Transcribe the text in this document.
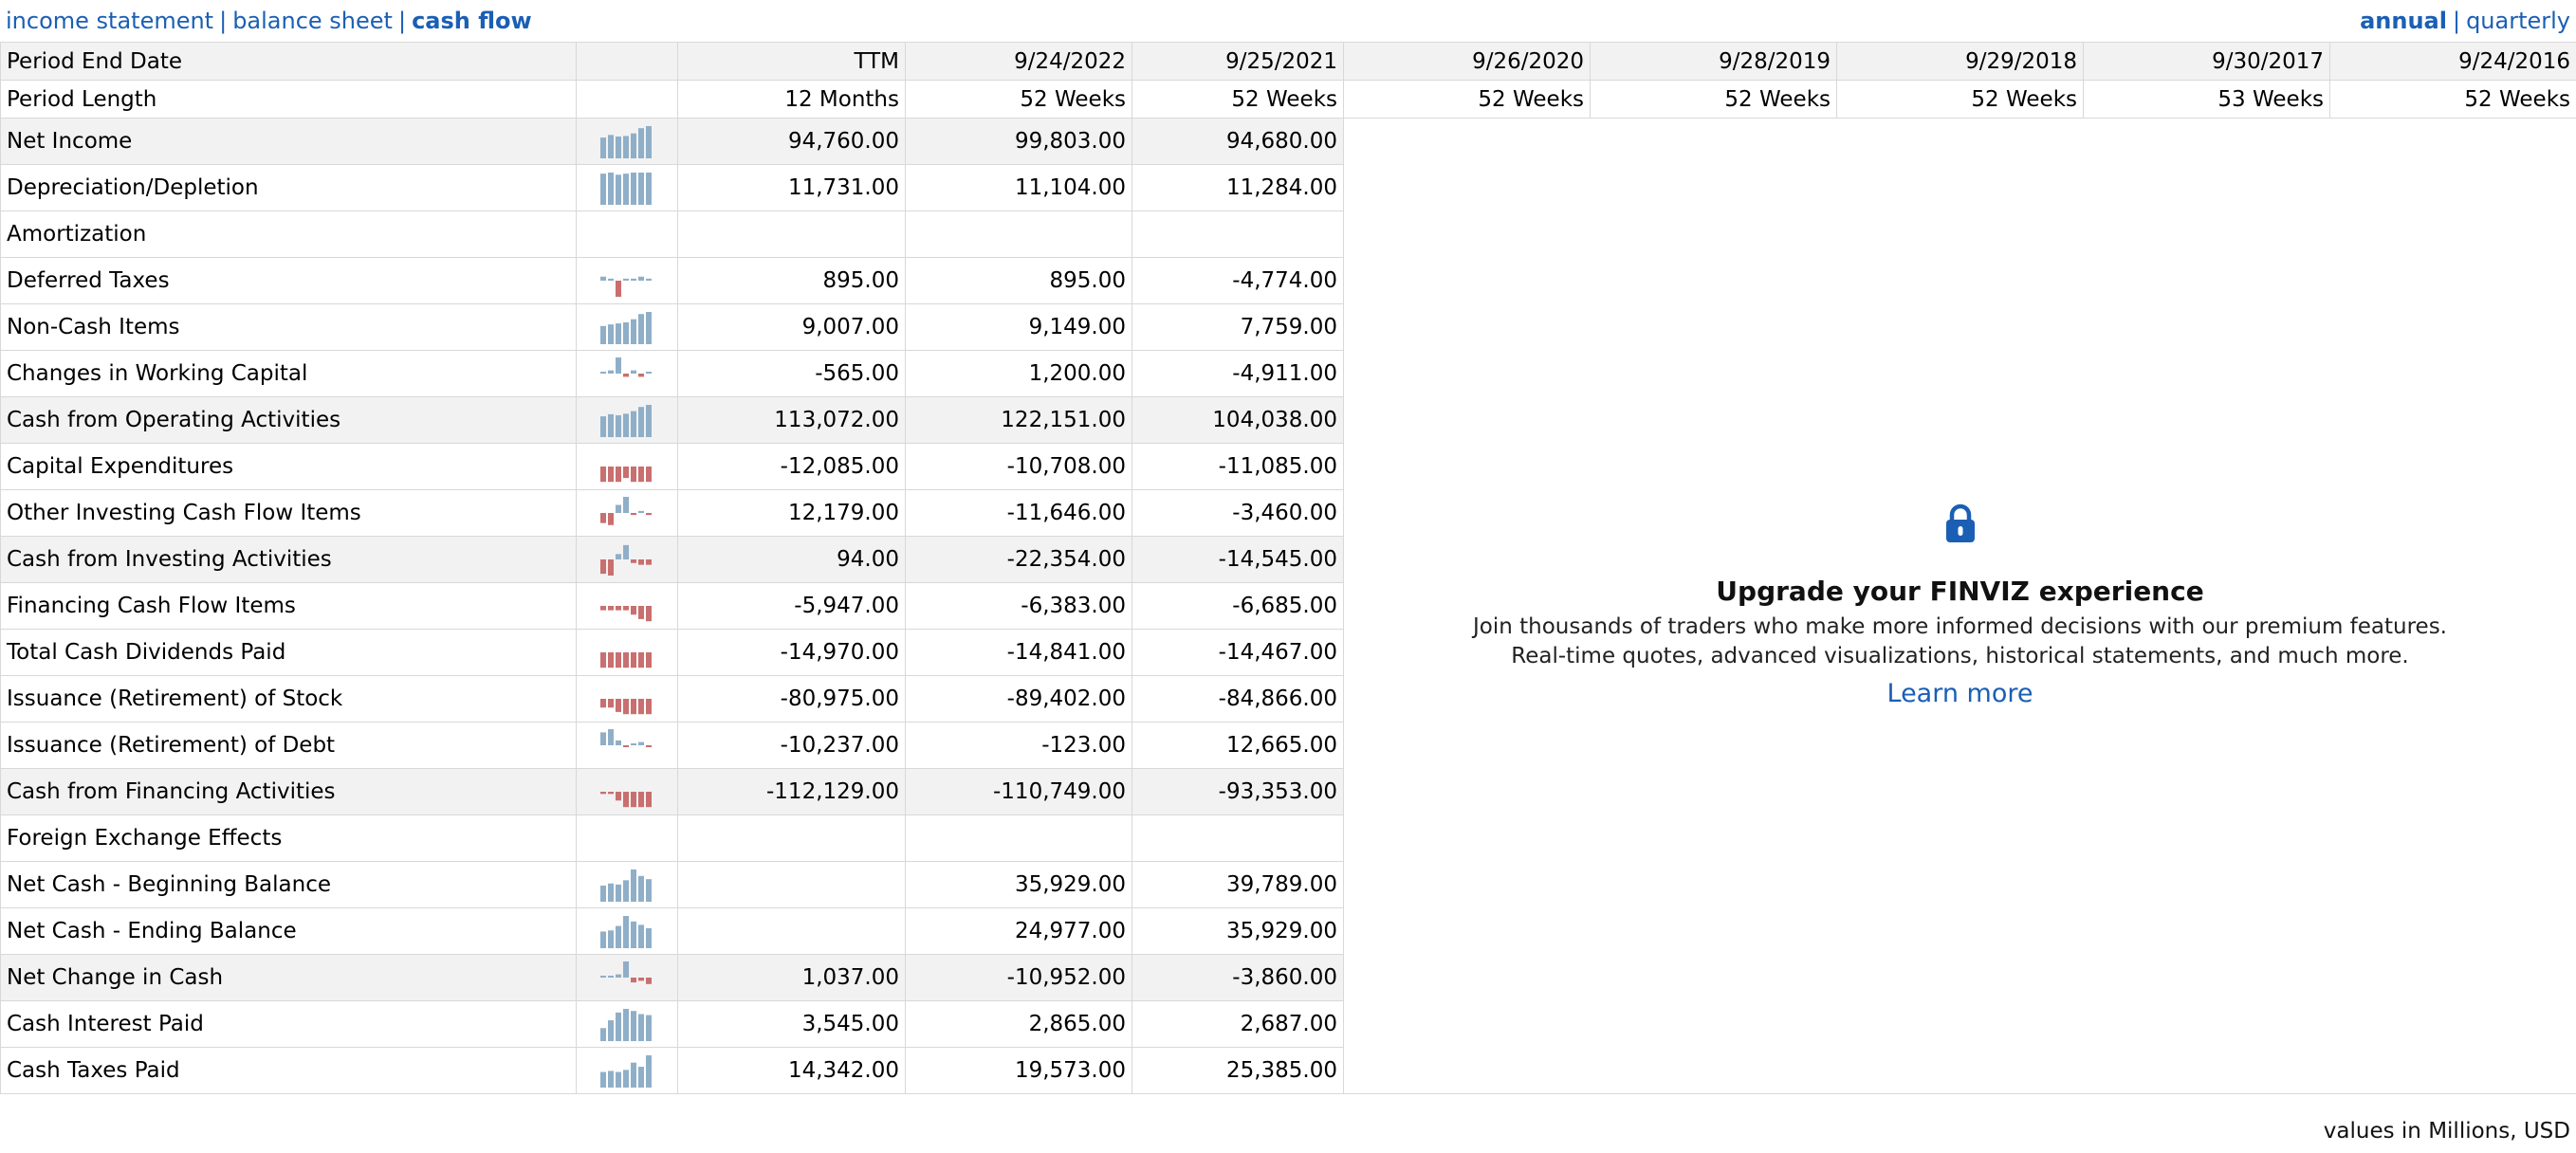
income statement | balance sheet | cash flow	annual | quarterly
Period End Date		TTM	9/24/2022	9/25/2021	9/26/2020	9/28/2019	9/29/2018	9/30/2017	9/24/2016
Period Length		12 Months	52 Weeks	52 Weeks	52 Weeks	52 Weeks	52 Weeks	53 Weeks	52 Weeks
Net Income		94,760.00	99,803.00	94,680.00	Upgrade your FINVIZ experience
Join thousands of traders who make more informed decisions with our premium features.
Real-time quotes, advanced visualizations, historical statements, and much more.
Learn more				

Depreciation/Depletion		11,731.00	11,104.00	11,284.00					
Amortization									
Deferred Taxes		895.00	895.00	-4,774.00					
Non-Cash Items		9,007.00	9,149.00	7,759.00					
Changes in Working Capital		-565.00	1,200.00	-4,911.00					
Cash from Operating Activities		113,072.00	122,151.00	104,038.00					
Capital Expenditures		-12,085.00	-10,708.00	-11,085.00					
Other Investing Cash Flow Items		12,179.00	-11,646.00	-3,460.00					
Cash from Investing Activities		94.00	-22,354.00	-14,545.00					
Financing Cash Flow Items		-5,947.00	-6,383.00	-6,685.00					
Total Cash Dividends Paid		-14,970.00	-14,841.00	-14,467.00					
Issuance (Retirement) of Stock		-80,975.00	-89,402.00	-84,866.00					
Issuance (Retirement) of Debt		-10,237.00	-123.00	12,665.00					
Cash from Financing Activities		-112,129.00	-110,749.00	-93,353.00					
Foreign Exchange Effects									
Net Cash - Beginning Balance			35,929.00	39,789.00					
Net Cash - Ending Balance			24,977.00	35,929.00					
Net Change in Cash		1,037.00	-10,952.00	-3,860.00					
Cash Interest Paid		3,545.00	2,865.00	2,687.00					
Cash Taxes Paid		14,342.00	19,573.00	25,385.00					
values in Millions, USD
